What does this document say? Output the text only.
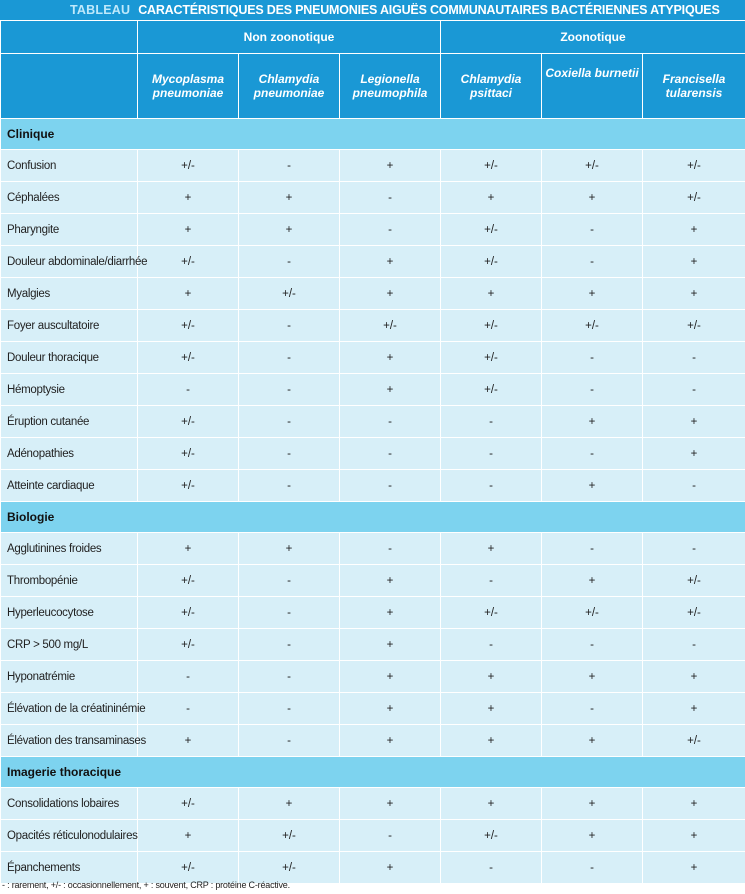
TABLEAU CARACTÉRISTIQUES DES PNEUMONIES AIGUËS COMMUNAUTAIRES BACTÉRIENNES ATYPIQUES
	Non zoonotique			Zoonotique		
	Mycoplasma
pneumoniae	Chlamydia
pneumoniae	Legionella
pneumophila	Chlamydia
psittaci	Coxiella burnetii	Francisella
tularensis
Clinique						
Confusion	+/-	-	+	+/-	+/-	+/-
Céphalées	+	+	-	+	+	+/-
Pharyngite	+	+	-	+/-	-	+
Douleur abdominale/diarrhée	+/-	-	+	+/-	-	+
Myalgies	+	+/-	+	+	+	+
Foyer auscultatoire	+/-	-	+/-	+/-	+/-	+/-
Douleur thoracique	+/-	-	+	+/-	-	-
Hémoptysie	-	-	+	+/-	-	-
Éruption cutanée	+/-	-	-	-	+	+
Adénopathies	+/-	-	-	-	-	+
Atteinte cardiaque	+/-	-	-	-	+	-
Biologie						
Agglutinines froides	+	+	-	+	-	-
Thrombopénie	+/-	-	+	-	+	+/-
Hyperleucocytose	+/-	-	+	+/-	+/-	+/-
CRP > 500 mg/L	+/-	-	+	-	-	-
Hyponatrémie	-	-	+	+	+	+
Élévation de la créatininémie	-	-	+	+	-	+
Élévation des transaminases	+	-	+	+	+	+/-
Imagerie thoracique						
Consolidations lobaires	+/-	+	+	+	+	+
Opacités réticulonodulaires	+	+/-	-	+/-	+	+
Épanchements	+/-	+/-	+	-	-	+
- : rarement, +/- : occasionnellement, + : souvent, CRP : protéine C-réactive.
